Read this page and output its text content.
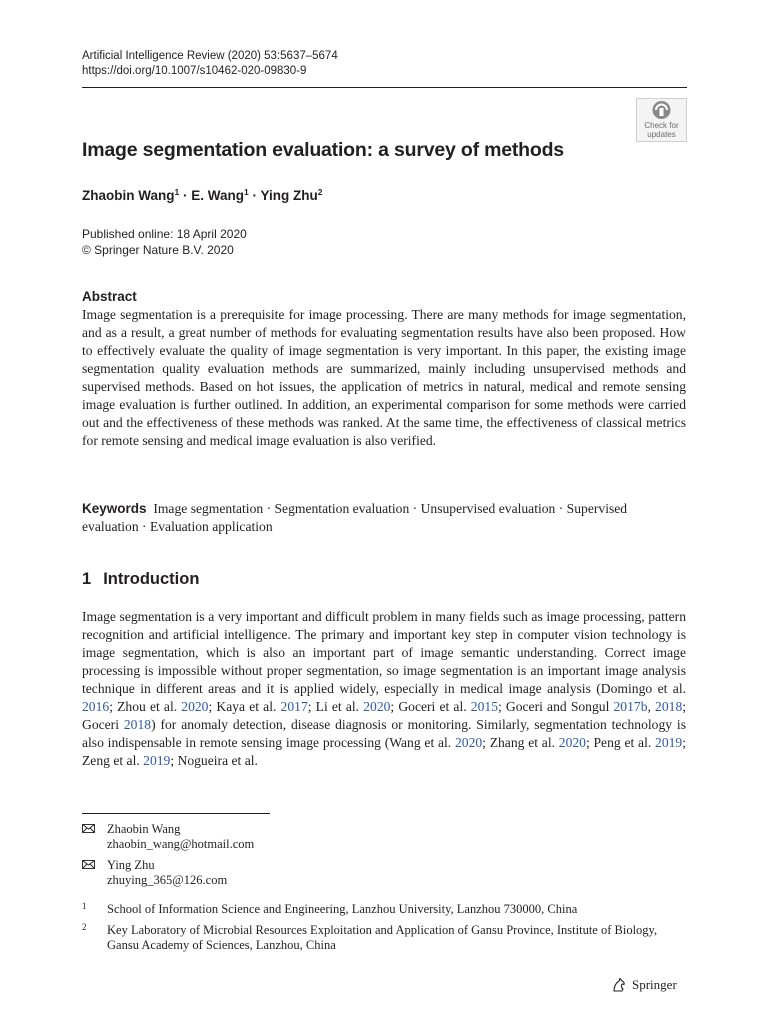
Artificial Intelligence Review (2020) 53:5637–5674
https://doi.org/10.1007/s10462-020-09830-9
Check for
updates
Image segmentation evaluation: a survey of methods
Zhaobin Wang$^1$ · E. Wang$^1$ · Ying Zhu$^2$
Published online: 18 April 2020
© Springer Nature B.V. 2020
Abstract
Image segmentation is a prerequisite for image processing. There are many methods for image segmentation, and as a result, a great number of methods for evaluating segmentation results have also been proposed. How to effectively evaluate the quality of image segmentation is very important. In this paper, the existing image segmentation quality evaluation methods are summarized, mainly including unsupervised methods and supervised methods. Based on hot issues, the application of metrics in natural, medical and remote sensing image evaluation is further outlined. In addition, an experimental comparison for some methods were carried out and the effectiveness of these methods was ranked. At the same time, the effectiveness of classical metrics for remote sensing and medical image evaluation is also verified.
Keywords Image segmentation · Segmentation evaluation · Unsupervised evaluation · Supervised evaluation · Evaluation application
1 Introduction
Image segmentation is a very important and difficult problem in many fields such as image processing, pattern recognition and artificial intelligence. The primary and important key step in computer vision technology is image segmentation, which is also an important part of image semantic understanding. Correct image processing is impossible without proper segmentation, so image segmentation is an important image analysis technique in different areas and it is applied widely, especially in medical image analysis (Domingo et al. 2016; Zhou et al. 2020; Kaya et al. 2017; Li et al. 2020; Goceri et al. 2015; Goceri and Songul 2017b, 2018; Goceri 2018) for anomaly detection, disease diagnosis or monitoring. Similarly, segmentation technology is also indispensable in remote sensing image processing (Wang et al. 2020; Zhang et al. 2020; Peng et al. 2019; Zeng et al. 2019; Nogueira et al.
Zhaobin Wang
zhaobin_wang@hotmail.com
Ying Zhu
zhuying_365@126.com
1 School of Information Science and Engineering, Lanzhou University, Lanzhou 730000, China
2 Key Laboratory of Microbial Resources Exploitation and Application of Gansu Province, Institute of Biology, Gansu Academy of Sciences, Lanzhou, China
Springer
